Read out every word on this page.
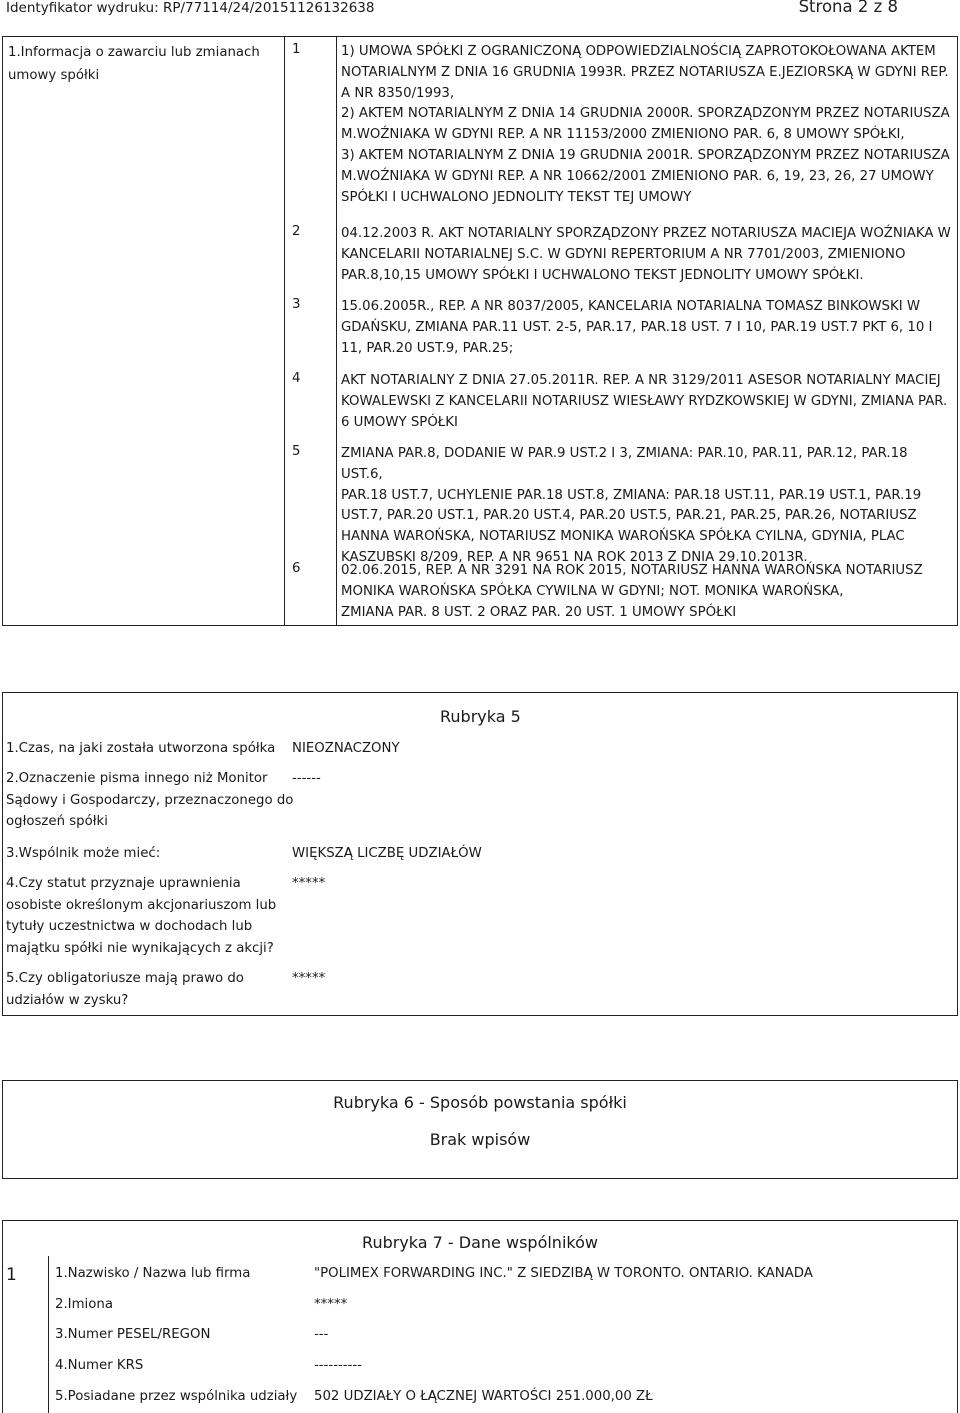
Identyfikator wydruku: RP/77114/24/20151126132638	Strona 2 z 8
1.Informacja o zawarciu lub zmianach
umowy spółki
1	1) UMOWA SPÓŁKI Z OGRANICZONĄ ODPOWIEDZIALNOŚCIĄ ZAPROTOKOŁOWANA AKTEM
NOTARIALNYM Z DNIA 16 GRUDNIA 1993R. PRZEZ NOTARIUSZA E.JEZIORSKĄ W GDYNI REP.
A NR 8350/1993,
2) AKTEM NOTARIALNYM Z DNIA 14 GRUDNIA 2000R. SPORZĄDZONYM PRZEZ NOTARIUSZA
M.WOŹNIAKA W GDYNI REP. A NR 11153/2000 ZMIENIONO PAR. 6, 8 UMOWY SPÓŁKI,
3) AKTEM NOTARIALNYM Z DNIA 19 GRUDNIA 2001R. SPORZĄDZONYM PRZEZ NOTARIUSZA
M.WOŹNIAKA W GDYNI REP. A NR 10662/2001 ZMIENIONO PAR. 6, 19, 23, 26, 27 UMOWY
SPÓŁKI I UCHWALONO JEDNOLITY TEKST TEJ UMOWY
2	04.12.2003 R. AKT NOTARIALNY SPORZĄDZONY PRZEZ NOTARIUSZA MACIEJA WOŹNIAKA W
KANCELARII NOTARIALNEJ S.C. W GDYNI REPERTORIUM A NR 7701/2003, ZMIENIONO
PAR.8,10,15 UMOWY SPÓŁKI I UCHWALONO TEKST JEDNOLITY UMOWY SPÓŁKI.
3	15.06.2005R., REP. A NR 8037/2005, KANCELARIA NOTARIALNA TOMASZ BINKOWSKI W
GDAŃSKU, ZMIANA PAR.11 UST. 2-5, PAR.17, PAR.18 UST. 7 I 10, PAR.19 UST.7 PKT 6, 10 I
11, PAR.20 UST.9, PAR.25;
4	AKT NOTARIALNY Z DNIA 27.05.2011R. REP. A NR 3129/2011 ASESOR NOTARIALNY MACIEJ
KOWALEWSKI Z KANCELARII NOTARIUSZ WIESŁAWY RYDZKOWSKIEJ W GDYNI, ZMIANA PAR.
6 UMOWY SPÓŁKI
5	ZMIANA PAR.8, DODANIE W PAR.9 UST.2 I 3, ZMIANA: PAR.10, PAR.11, PAR.12, PAR.18 UST.6,
PAR.18 UST.7, UCHYLENIE PAR.18 UST.8, ZMIANA: PAR.18 UST.11, PAR.19 UST.1, PAR.19
UST.7, PAR.20 UST.1, PAR.20 UST.4, PAR.20 UST.5, PAR.21, PAR.25, PAR.26, NOTARIUSZ
HANNA WAROŃSKA, NOTARIUSZ MONIKA WAROŃSKA SPÓŁKA CYILNA, GDYNIA, PLAC
KASZUBSKI 8/209, REP. A NR 9651 NA ROK 2013 Z DNIA 29.10.2013R.
6	02.06.2015, REP. A NR 3291 NA ROK 2015, NOTARIUSZ HANNA WAROŃSKA NOTARIUSZ
MONIKA WAROŃSKA SPÓŁKA CYWILNA W GDYNI; NOT. MONIKA WAROŃSKA,
ZMIANA PAR. 8 UST. 2 ORAZ PAR. 20 UST. 1 UMOWY SPÓŁKI
Rubryka 5
1.Czas, na jaki została utworzona spółka NIEOZNACZONY
2.Oznaczenie pisma innego niż Monitor
Sądowy i Gospodarczy, przeznaczonego do
ogłoszeń spółki
------
3.Wspólnik może mieć:	WIĘKSZĄ LICZBĘ UDZIAŁÓW
4.Czy statut przyznaje uprawnienia
osobiste określonym akcjonariuszom lub
tytuły uczestnictwa w dochodach lub
majątku spółki nie wynikających z akcji?
*****
5.Czy obligatoriusze mają prawo do
udziałów w zysku?
*****
Rubryka 6 - Sposób powstania spółki
Brak wpisów
Rubryka 7 - Dane wspólników
1	1.Nazwisko / Nazwa lub firma	"POLIMEX FORWARDING INC." Z SIEDZIBĄ W TORONTO. ONTARIO. KANADA
2.Imiona	*****
3.Numer PESEL/REGON	---
4.Numer KRS	----------
5.Posiadane przez wspólnika udziały 502 UDZIAŁY O ŁĄCZNEJ WARTOŚCI 251.000,00 ZŁ
